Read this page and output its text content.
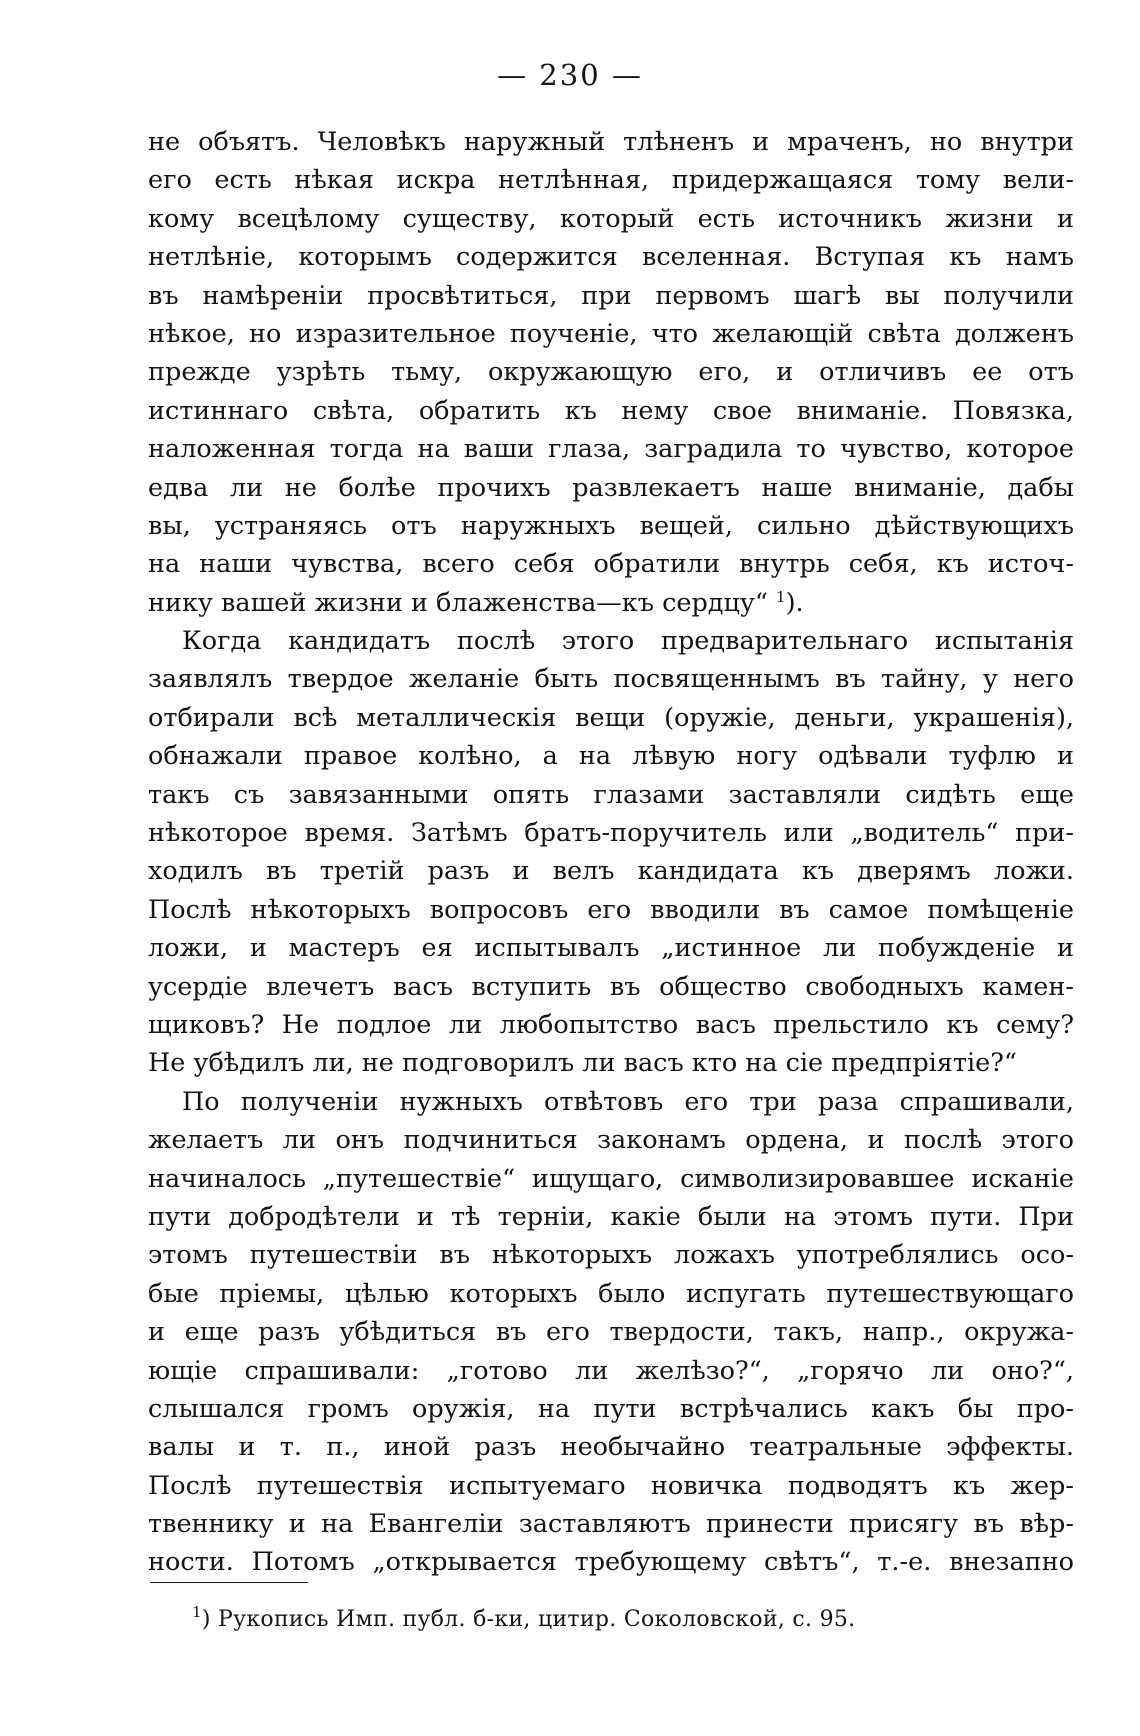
— 230 —
не объятъ. Человѣкъ наружный тлѣненъ и мраченъ, но внутри
его есть нѣкая искра нетлѣнная, придержащаяся тому вели-
кому всецѣлому существу, который есть источникъ жизни и
нетлѣніе, которымъ содержится вселенная. Вступая къ намъ
въ намѣреніи просвѣтиться, при первомъ шагѣ вы получили
нѣкое, но изразительное поученіе, что желающій свѣта долженъ
прежде узрѣть тьму, окружающую его, и отличивъ ее отъ
истиннаго свѣта, обратить къ нему свое вниманіе. Повязка,
наложенная тогда на ваши глаза, заградила то чувство, которое
едва ли не болѣе прочихъ развлекаетъ наше вниманіе, дабы
вы, устраняясь отъ наружныхъ вещей, сильно дѣйствующихъ
на наши чувства, всего себя обратили внутрь себя, къ источ-
нику вашей жизни и блаженства—къ сердцу“ $^1$).
Когда кандидатъ послѣ этого предварительнаго испытанія
заявлялъ твердое желаніе быть посвященнымъ въ тайну, у него
отбирали всѣ металлическія вещи (оружіе, деньги, украшенія),
обнажали правое колѣно, а на лѣвую ногу одѣвали туфлю и
такъ съ завязанными опять глазами заставляли сидѣть еще
нѣкоторое время. Затѣмъ братъ-поручитель или „водитель“ при-
ходилъ въ третій разъ и велъ кандидата къ дверямъ ложи.
Послѣ нѣкоторыхъ вопросовъ его вводили въ самое помѣщеніе
ложи, и мастеръ ея испытывалъ „истинное ли побужденіе и
усердіе влечетъ васъ вступить въ общество свободныхъ камен-
щиковъ? Не подлое ли любопытство васъ прельстило къ сему?
Не убѣдилъ ли, не подговорилъ ли васъ кто на сіе предпріятіе?“
По полученіи нужныхъ отвѣтовъ его три раза спрашивали,
желаетъ ли онъ подчиниться законамъ ордена, и послѣ этого
начиналось „путешествіе“ ищущаго, символизировавшее исканіе
пути добродѣтели и тѣ терніи, какіе были на этомъ пути. При
этомъ путешествіи въ нѣкоторыхъ ложахъ употреблялись осо-
бые пріемы, цѣлью которыхъ было испугать путешествующаго
и еще разъ убѣдиться въ его твердости, такъ, напр., окружа-
ющіе спрашивали: „готово ли желѣзо?“, „горячо ли оно?“,
слышался громъ оружія, на пути встрѣчались какъ бы про-
валы и т. п., иной разъ необычайно театральные эффекты.
Послѣ путешествія испытуемаго новичка подводятъ къ жер-
твеннику и на Евангеліи заставляютъ принести присягу въ вѣр-
ности. Потомъ „открывается требующему свѣтъ“, т.-е. внезапно
$^1$) Рукопись Имп. публ. б-ки, цитир. Соколовской, с. 95.
